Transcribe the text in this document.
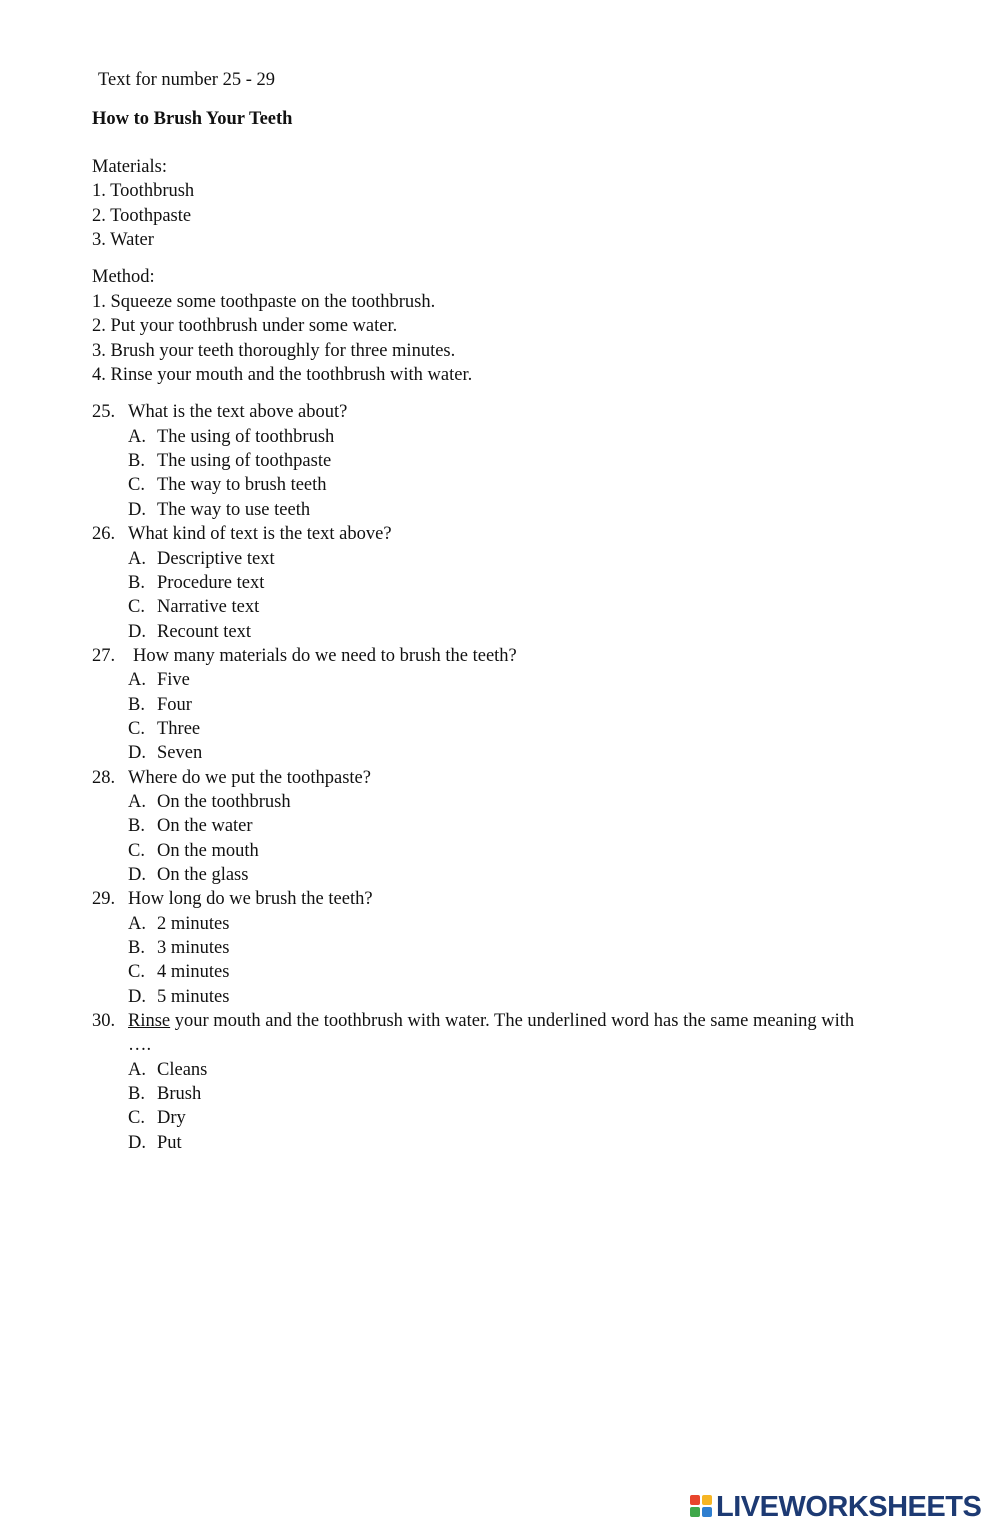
Text for number 25 - 29
How to Brush Your Teeth
Materials:
1. Toothbrush
2. Toothpaste
3. Water
Method:
1. Squeeze some toothpaste on the toothbrush.
2. Put your toothbrush under some water.
3. Brush your teeth thoroughly for three minutes.
4. Rinse your mouth and the toothbrush with water.
25. What is the text above about?
A. The using of toothbrush
B. The using of toothpaste
C. The way to brush teeth
D. The way to use teeth
26. What kind of text is the text above?
A. Descriptive text
B. Procedure text
C. Narrative text
D. Recount text
27. How many materials do we need to brush the teeth?
A. Five
B. Four
C. Three
D. Seven
28. Where do we put the toothpaste?
A. On the toothbrush
B. On the water
C. On the mouth
D. On the glass
29. How long do we brush the teeth?
A. 2 minutes
B. 3 minutes
C. 4 minutes
D. 5 minutes
30. Rinse your mouth and the toothbrush with water. The underlined word has the same meaning with
….
A. Cleans
B. Brush
C. Dry
D. Put
LIVEWORKSHEETS
